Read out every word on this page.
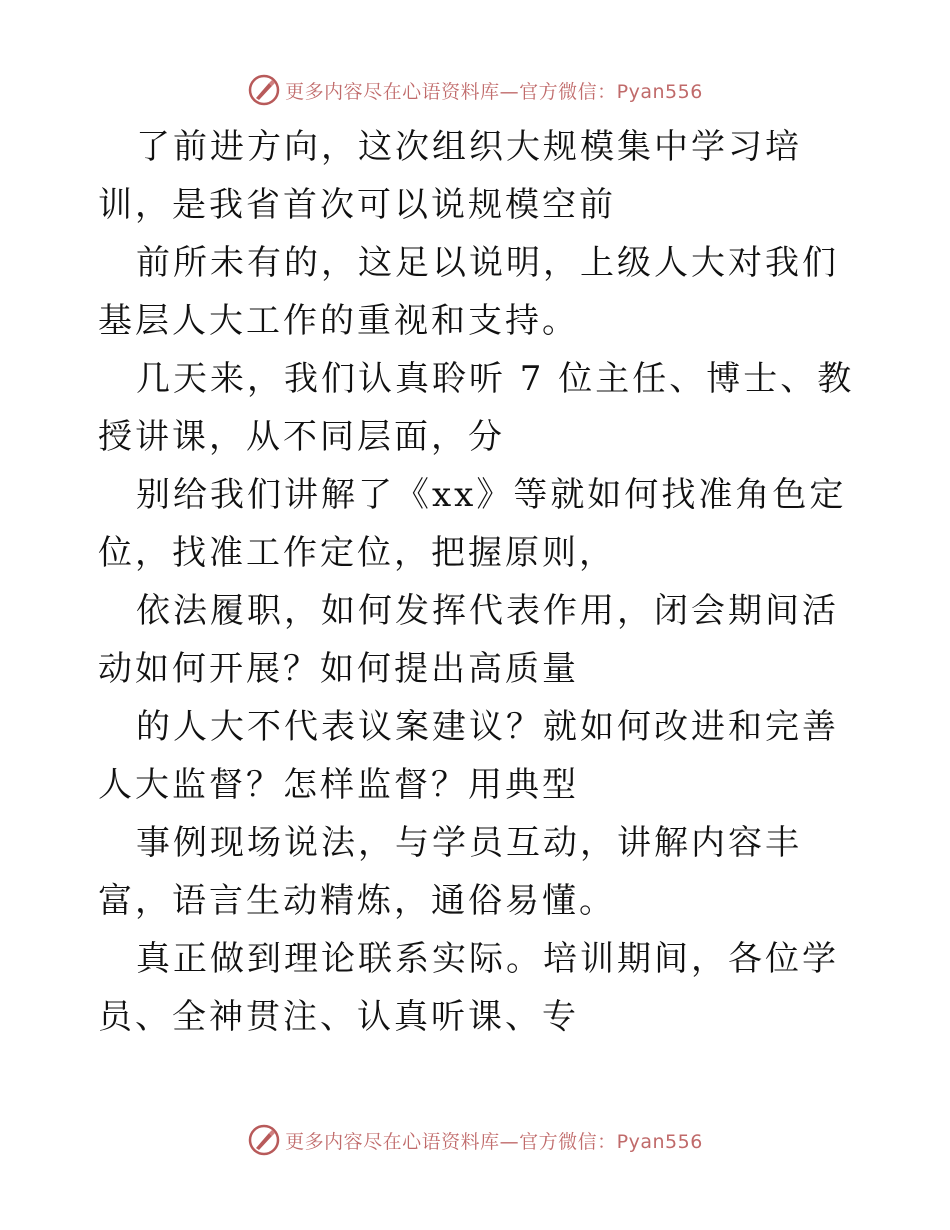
更多内容尽在心语资料库—官方微信：Pyan556

了前进方向，这次组织大规模集中学习培训，是我省首次可以说规模空前

前所未有的，这足以说明，上级人大对我们基层人大工作的重视和支持。

几天来，我们认真聆听 7 位主任、博士、教授讲课，从不同层面，分

别给我们讲解了《xx》等就如何找准角色定位，找准工作定位，把握原则，

依法履职，如何发挥代表作用，闭会期间活动如何开展？如何提出高质量

的人大不代表议案建议？就如何改进和完善人大监督？怎样监督？用典型

事例现场说法，与学员互动，讲解内容丰富，语言生动精炼，通俗易懂。

真正做到理论联系实际。培训期间，各位学员、全神贯注、认真听课、专

更多内容尽在心语资料库—官方微信：Pyan556
